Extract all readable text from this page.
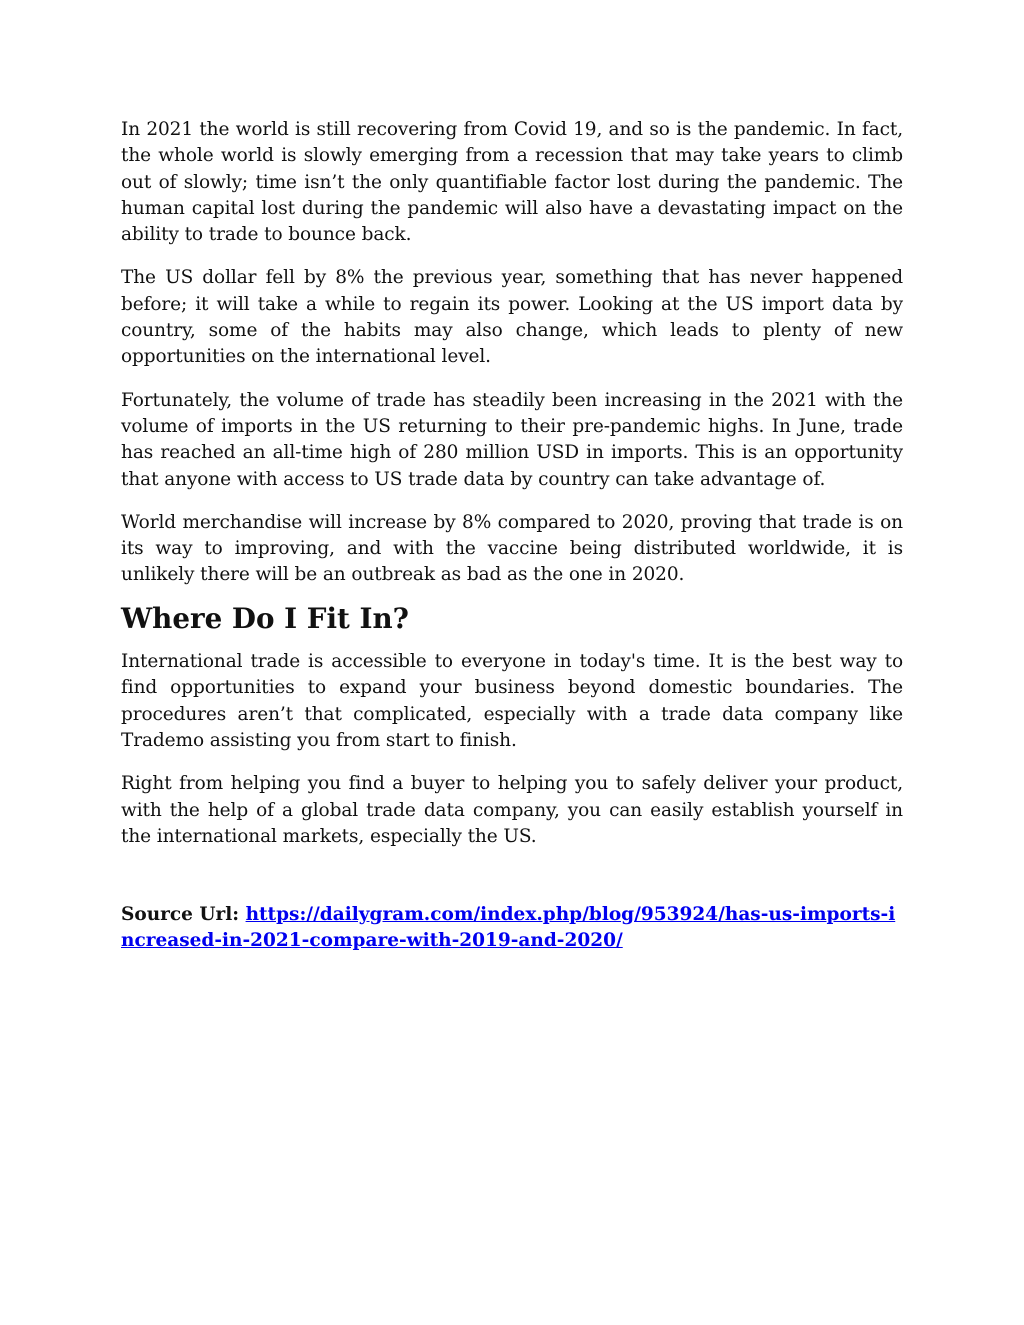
In 2021 the world is still recovering from Covid 19, and so is the pandemic. In fact, the whole world is slowly emerging from a recession that may take years to climb out of slowly; time isn’t the only quantifiable factor lost during the pandemic. The human capital lost during the pandemic will also have a devastating impact on the ability to trade to bounce back.

The US dollar fell by 8% the previous year, something that has never happened before; it will take a while to regain its power. Looking at the US import data by country, some of the habits may also change, which leads to plenty of new opportunities on the international level.

Fortunately, the volume of trade has steadily been increasing in the 2021 with the volume of imports in the US returning to their pre-pandemic highs. In June, trade has reached an all-time high of 280 million USD in imports. This is an opportunity that anyone with access to US trade data by country can take advantage of.

World merchandise will increase by 8% compared to 2020, proving that trade is on its way to improving, and with the vaccine being distributed worldwide, it is unlikely there will be an outbreak as bad as the one in 2020.

Where Do I Fit In?

International trade is accessible to everyone in today's time. It is the best way to find opportunities to expand your business beyond domestic boundaries. The procedures aren’t that complicated, especially with a trade data company like Trademo assisting you from start to finish.

Right from helping you find a buyer to helping you to safely deliver your product, with the help of a global trade data company, you can easily establish yourself in the international markets, especially the US.

Source Url: https://dailygram.com/index.php/blog/953924/has-us-imports-increased-in-2021-compare-with-2019-and-2020/
